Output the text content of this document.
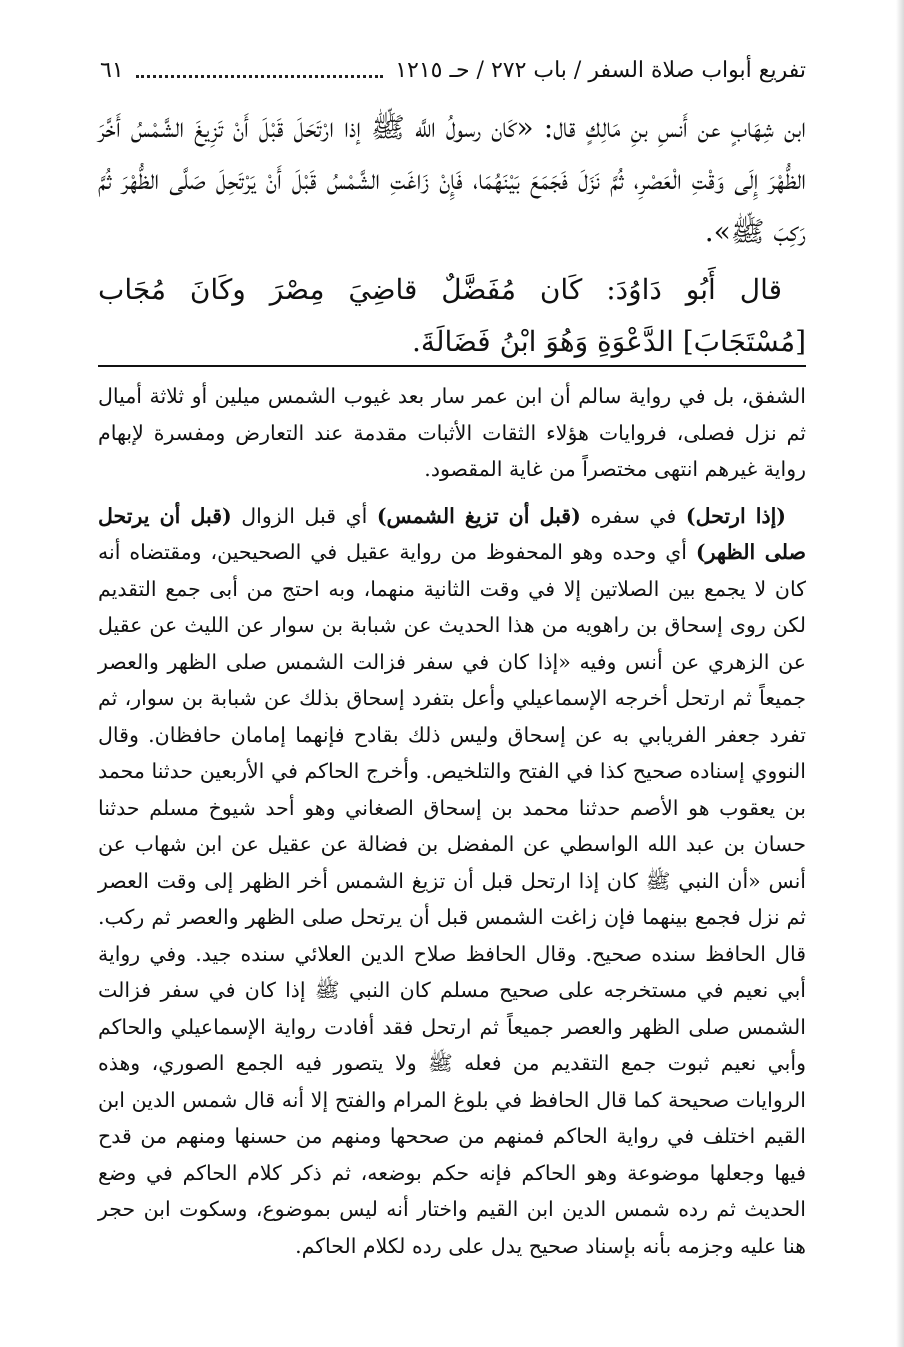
تفريع أبواب صلاة السفر / باب ٢٧٢ / حـ ١٢١٥
٦١

ابن شِهَابٍ عن أَنسِ بنِ مَالِكٍ قال: «كَان رسولُ اللَّه ﷺ إذا ارْتَحَلَ قَبْلَ أَنْ تَزِيغَ الشَّمْسُ أَخَّرَ الظُّهْرَ إِلَى وَقْتِ الْعَصْرِ، ثُمَّ نَزَلَ فَجَمَعَ بَيْنَهُمَا، فَإِنْ زَاغَتِ الشَّمْسُ قَبْلَ أَنْ يَرْتَحِلَ صَلَّى الظُّهْرَ ثُمَّ رَكِبَ ﷺ».

قال أَبُو دَاوُدَ: كَان مُفَضَّلٌ قاضِيَ مِصْرَ وكَانَ مُجَاب [مُسْتَجَابَ] الدَّعْوَةِ وَهُوَ ابْنُ فَضَالَةَ.

الشفق، بل في رواية سالم أن ابن عمر سار بعد غيوب الشمس ميلين أو ثلاثة أميال ثم نزل فصلى، فروايات هؤلاء الثقات الأثبات مقدمة عند التعارض ومفسرة لإبهام رواية غيرهم انتهى مختصراً من غاية المقصود.

(إذا ارتحل) في سفره (قبل أن تزيغ الشمس) أي قبل الزوال (قبل أن يرتحل صلى الظهر) أي وحده وهو المحفوظ من رواية عقيل في الصحيحين، ومقتضاه أنه كان لا يجمع بين الصلاتين إلا في وقت الثانية منهما، وبه احتج من أبى جمع التقديم لكن روى إسحاق بن راهويه من هذا الحديث عن شبابة بن سوار عن الليث عن عقيل عن الزهري عن أنس وفيه «إذا كان في سفر فزالت الشمس صلى الظهر والعصر جميعاً ثم ارتحل أخرجه الإسماعيلي وأعل بتفرد إسحاق بذلك عن شبابة بن سوار، ثم تفرد جعفر الفريابي به عن إسحاق وليس ذلك بقادح فإنهما إمامان حافظان. وقال النووي إسناده صحيح كذا في الفتح والتلخيص. وأخرج الحاكم في الأربعين حدثنا محمد بن يعقوب هو الأصم حدثنا محمد بن إسحاق الصغاني وهو أحد شيوخ مسلم حدثنا حسان بن عبد الله الواسطي عن المفضل بن فضالة عن عقيل عن ابن شهاب عن أنس «أن النبي ﷺ كان إذا ارتحل قبل أن تزيغ الشمس أخر الظهر إلى وقت العصر ثم نزل فجمع بينهما فإن زاغت الشمس قبل أن يرتحل صلى الظهر والعصر ثم ركب. قال الحافظ سنده صحيح. وقال الحافظ صلاح الدين العلائي سنده جيد. وفي رواية أبي نعيم في مستخرجه على صحيح مسلم كان النبي ﷺ إذا كان في سفر فزالت الشمس صلى الظهر والعصر جميعاً ثم ارتحل فقد أفادت رواية الإسماعيلي والحاكم وأبي نعيم ثبوت جمع التقديم من فعله ﷺ ولا يتصور فيه الجمع الصوري، وهذه الروايات صحيحة كما قال الحافظ في بلوغ المرام والفتح إلا أنه قال شمس الدين ابن القيم اختلف في رواية الحاكم فمنهم من صححها ومنهم من حسنها ومنهم من قدح فيها وجعلها موضوعة وهو الحاكم فإنه حكم بوضعه، ثم ذكر كلام الحاكم في وضع الحديث ثم رده شمس الدين ابن القيم واختار أنه ليس بموضوع، وسكوت ابن حجر هنا عليه وجزمه بأنه بإسناد صحيح يدل على رده لكلام الحاكم.
